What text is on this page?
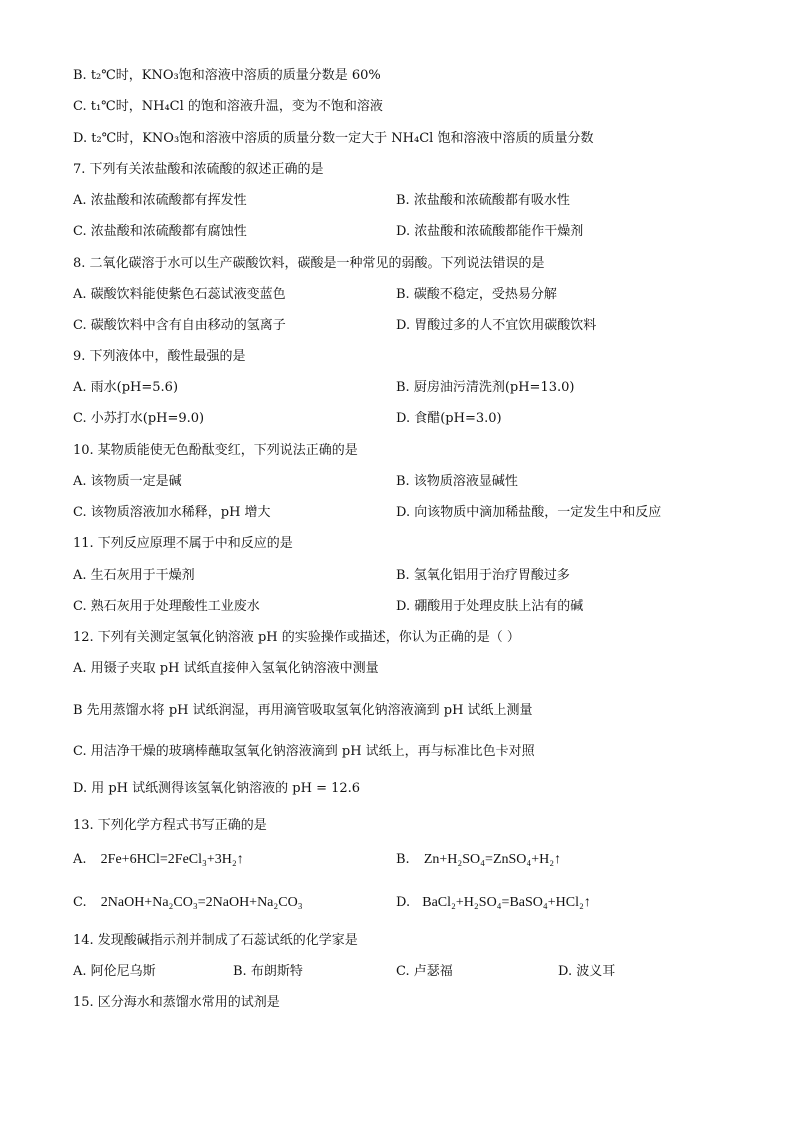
B. t₂℃时，KNO₃饱和溶液中溶质的质量分数是 60%
C. t₁℃时，NH₄Cl 的饱和溶液升温，变为不饱和溶液
D. t₂℃时，KNO₃饱和溶液中溶质的质量分数一定大于 NH₄Cl 饱和溶液中溶质的质量分数
7. 下列有关浓盐酸和浓硫酸的叙述正确的是
A. 浓盐酸和浓硫酸都有挥发性	B. 浓盐酸和浓硫酸都有吸水性
C. 浓盐酸和浓硫酸都有腐蚀性	D. 浓盐酸和浓硫酸都能作干燥剂
8. 二氧化碳溶于水可以生产碳酸饮料，碳酸是一种常见的弱酸。下列说法错误的是
A. 碳酸饮料能使紫色石蕊试液变蓝色	B. 碳酸不稳定，受热易分解
C. 碳酸饮料中含有自由移动的氢离子	D. 胃酸过多的人不宜饮用碳酸饮料
9. 下列液体中，酸性最强的是
A. 雨水(pH=5.6)	B. 厨房油污清洗剂(pH=13.0)
C. 小苏打水(pH=9.0)	D. 食醋(pH=3.0)
10. 某物质能使无色酚酞变红，下列说法正确的是
A. 该物质一定是碱	B. 该物质溶液显碱性
C. 该物质溶液加水稀释，pH 增大	D. 向该物质中滴加稀盐酸，一定发生中和反应
11. 下列反应原理不属于中和反应的是
A. 生石灰用于干燥剂	B. 氢氧化铝用于治疗胃酸过多
C. 熟石灰用于处理酸性工业废水	D. 硼酸用于处理皮肤上沾有的碱
12. 下列有关测定氢氧化钠溶液 pH 的实验操作或描述，你认为正确的是（ ）
A. 用镊子夹取 pH 试纸直接伸入氢氧化钠溶液中测量
B 先用蒸馏水将 pH 试纸润湿，再用滴管吸取氢氧化钠溶液滴到 pH 试纸上测量
C. 用洁净干燥的玻璃棒蘸取氢氧化钠溶液滴到 pH 试纸上，再与标准比色卡对照
D. 用 pH 试纸测得该氢氧化钠溶液的 pH = 12.6
13. 下列化学方程式书写正确的是
A. 2Fe+6HCl=2FeCl₃+3H₂↑	B. Zn+H₂SO₄=ZnSO₄+H₂↑
C. 2NaOH+Na₂CO₃=2NaOH+Na₂CO₃	D. BaCl₂+H₂SO₄=BaSO₄+HCl₂↑
14. 发现酸碱指示剂并制成了石蕊试纸的化学家是
A. 阿伦尼乌斯	B. 布朗斯特	C. 卢瑟福	D. 波义耳
15. 区分海水和蒸馏水常用的试剂是
